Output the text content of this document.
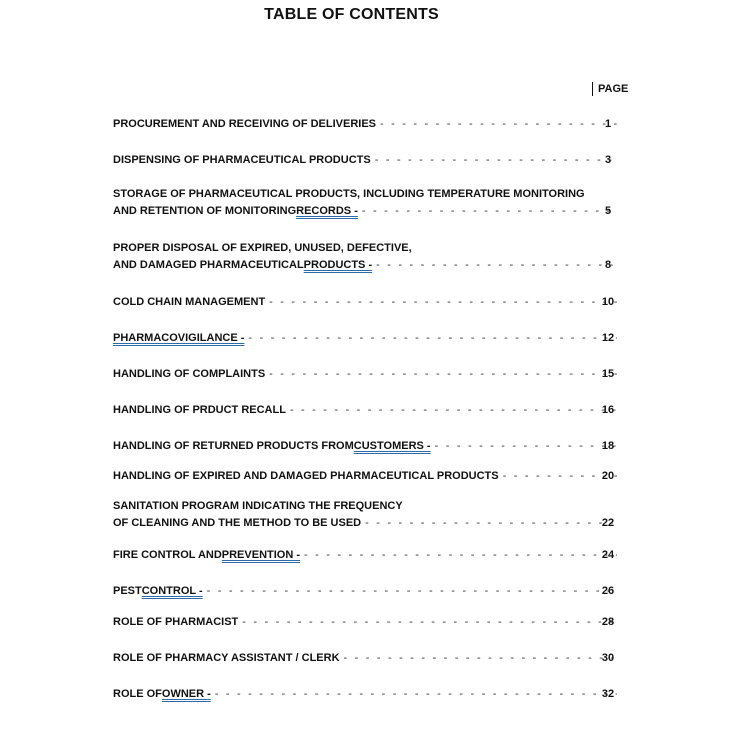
TABLE OF CONTENTS
PAGE
PROCUREMENT AND RECEIVING OF DELIVERIES - - -	1
DISPENSING OF PHARMACEUTICAL PRODUCTS - - -	3
STORAGE OF PHARMACEUTICAL PRODUCTS, INCLUDING TEMPERATURE MONITORING
AND RETENTION OF MONITORING RECORDS - - - -	5
PROPER DISPOSAL OF EXPIRED, UNUSED, DEFECTIVE,
AND DAMAGED PHARMACEUTICAL PRODUCTS - - - -	8
COLD CHAIN MANAGEMENT - - -	10
PHARMACOVIGILANCE - - - -	12
HANDLING OF COMPLAINTS - - -	15
HANDLING OF PRDUCT RECALL - - -	16
HANDLING OF RETURNED PRODUCTS FROM CUSTOMERS - - - -	18
HANDLING OF EXPIRED AND DAMAGED PHARMACEUTICAL PRODUCTS - - -	20
SANITATION PROGRAM INDICATING THE FREQUENCY
OF CLEANING AND THE METHOD TO BE USED - - -	22
FIRE CONTROL AND PREVENTION - - - -	24
PEST CONTROL - - - -	26
ROLE OF PHARMACIST - - -	28
ROLE OF PHARMACY ASSISTANT / CLERK - - -	30
ROLE OF OWNER - - - -	32
